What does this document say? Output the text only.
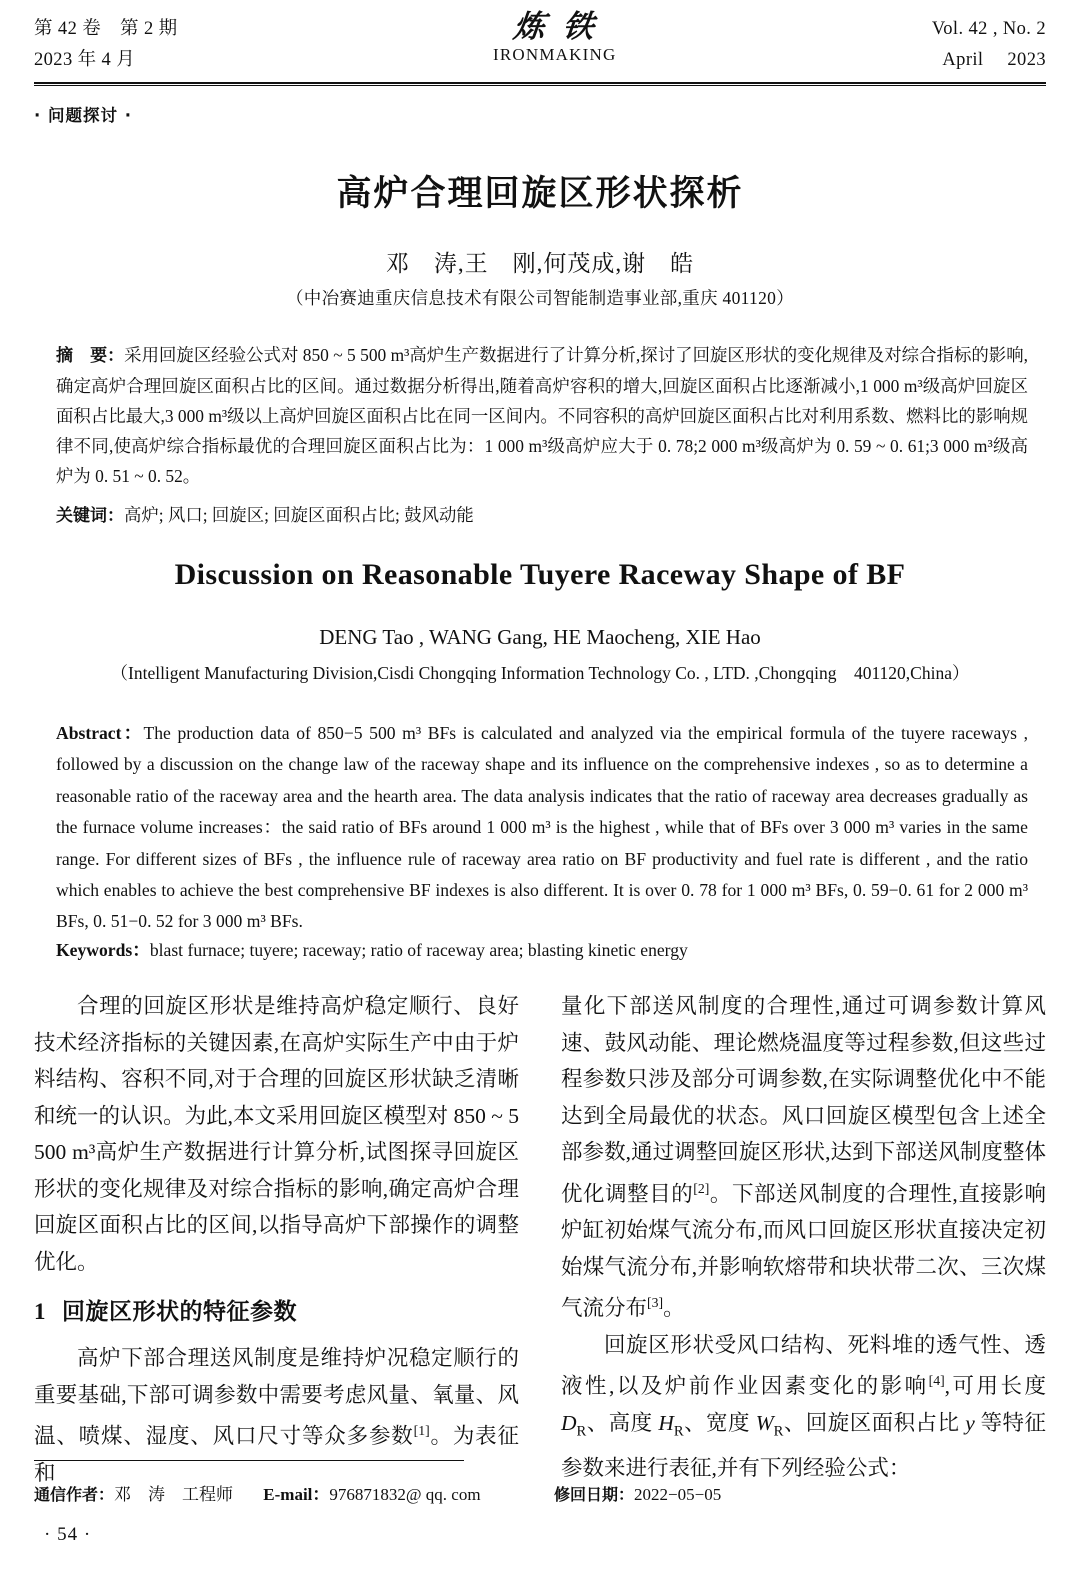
第 42 卷　第 2 期
2023 年 4 月
炼铁
IRONMAKING
Vol. 42 , No. 2
April  2023
· 问题探讨 ·
高炉合理回旋区形状探析
邓　涛,王　刚,何茂成,谢　皓
（中冶赛迪重庆信息技术有限公司智能制造事业部,重庆 401120）
摘　要：采用回旋区经验公式对 850 ~ 5 500 m³高炉生产数据进行了计算分析,探讨了回旋区形状的变化规律及对综合指标的影响,确定高炉合理回旋区面积占比的区间。通过数据分析得出,随着高炉容积的增大,回旋区面积占比逐渐减小,1 000 m³级高炉回旋区面积占比最大,3 000 m³级以上高炉回旋区面积占比在同一区间内。不同容积的高炉回旋区面积占比对利用系数、燃料比的影响规律不同,使高炉综合指标最优的合理回旋区面积占比为：1 000 m³级高炉应大于 0. 78;2 000 m³级高炉为 0. 59 ~ 0. 61;3 000 m³级高炉为 0. 51 ~ 0. 52。
关键词：高炉; 风口; 回旋区; 回旋区面积占比; 鼓风动能
Discussion on Reasonable Tuyere Raceway Shape of BF
DENG Tao , WANG Gang, HE Maocheng, XIE Hao
（Intelligent Manufacturing Division,Cisdi Chongqing Information Technology Co. , LTD. ,Chongqing　401120,China）
Abstract：The production data of 850−5 500 m³ BFs is calculated and analyzed via the empirical formula of the tuyere raceways , followed by a discussion on the change law of the raceway shape and its influence on the comprehensive indexes , so as to determine a reasonable ratio of the raceway area and the hearth area. The data analysis indicates that the ratio of raceway area decreases gradually as the furnace volume increases：the said ratio of BFs around 1 000 m³ is the highest , while that of BFs over 3 000 m³ varies in the same range. For different sizes of BFs , the influence rule of raceway area ratio on BF productivity and fuel rate is different , and the ratio which enables to achieve the best comprehensive BF indexes is also different. It is over 0. 78 for 1 000 m³ BFs, 0. 59−0. 61 for 2 000 m³ BFs, 0. 51−0. 52 for 3 000 m³ BFs.
Keywords：blast furnace; tuyere; raceway; ratio of raceway area; blasting kinetic energy

合理的回旋区形状是维持高炉稳定顺行、良好技术经济指标的关键因素,在高炉实际生产中由于炉料结构、容积不同,对于合理的回旋区形状缺乏清晰和统一的认识。为此,本文采用回旋区模型对 850 ~ 5 500 m³高炉生产数据进行计算分析,试图探寻回旋区形状的变化规律及对综合指标的影响,确定高炉合理回旋区面积占比的区间,以指导高炉下部操作的调整优化。

1 回旋区形状的特征参数

高炉下部合理送风制度是维持炉况稳定顺行的重要基础,下部可调参数中需要考虑风量、氧量、风温、喷煤、湿度、风口尺寸等众多参数[1]。为表征和

量化下部送风制度的合理性,通过可调参数计算风速、鼓风动能、理论燃烧温度等过程参数,但这些过程参数只涉及部分可调参数,在实际调整优化中不能达到全局最优的状态。风口回旋区模型包含上述全部参数,通过调整回旋区形状,达到下部送风制度整体优化调整目的[2]。下部送风制度的合理性,直接影响炉缸初始煤气流分布,而风口回旋区形状直接决定初始煤气流分布,并影响软熔带和块状带二次、三次煤气流分布[3]。

回旋区形状受风口结构、死料堆的透气性、透液性,以及炉前作业因素变化的影响[4],可用长度 $D_R$、高度 $H_R$、宽度 $W_R$、回旋区面积占比 y 等特征参数来进行表征,并有下列经验公式：

通信作者：邓　涛　工程师 E-mail：976871832@ qq. com	修回日期：2022−05−05
· 54 ·
